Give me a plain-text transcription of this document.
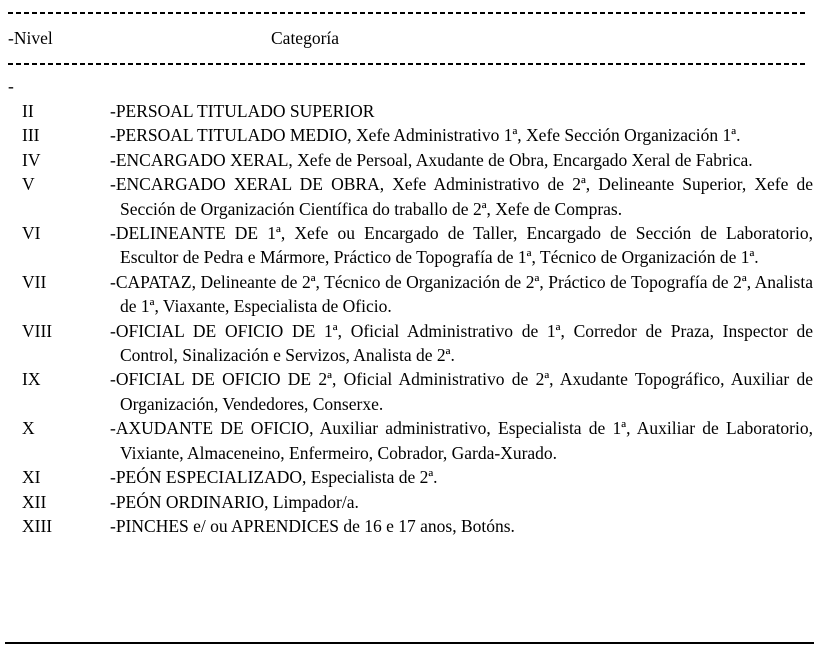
-Nivel	Categoría
-
II	-PERSOAL TITULADO SUPERIOR
III	-PERSOAL TITULADO MEDIO, Xefe Administrativo 1ª, Xefe Sección Organización 1ª.
IV	-ENCARGADO XERAL, Xefe de Persoal, Axudante de Obra, Encargado Xeral de Fabrica.
V	-ENCARGADO XERAL DE OBRA, Xefe Administrativo de 2ª, Delineante Superior, Xefe de Sección de Organización Científica do traballo de 2ª, Xefe de Compras.
VI	-DELINEANTE DE 1ª, Xefe ou Encargado de Taller, Encargado de Sección de Laboratorio, Escultor de Pedra e Mármore, Práctico de Topografía de 1ª, Técnico de Organización de 1ª.
VII	-CAPATAZ, Delineante de 2ª, Técnico de Organización de 2ª, Práctico de Topografía de 2ª, Analista de 1ª, Viaxante, Especialista de Oficio.
VIII	-OFICIAL DE OFICIO DE 1ª, Oficial Administrativo de 1ª, Corredor de Praza, Inspector de Control, Sinalización e Servizos, Analista de 2ª.
IX	-OFICIAL DE OFICIO DE 2ª, Oficial Administrativo de 2ª, Axudante Topográfico, Auxiliar de Organización, Vendedores, Conserxe.
X	-AXUDANTE DE OFICIO, Auxiliar administrativo, Especialista de 1ª, Auxiliar de Laboratorio, Vixiante, Almaceneino, Enfermeiro, Cobrador, Garda-Xurado.
XI	-PEÓN ESPECIALIZADO, Especialista de 2ª.
XII	-PEÓN ORDINARIO, Limpador/a.
XIII	-PINCHES e/ ou APRENDICES de 16 e 17 anos, Botóns.
